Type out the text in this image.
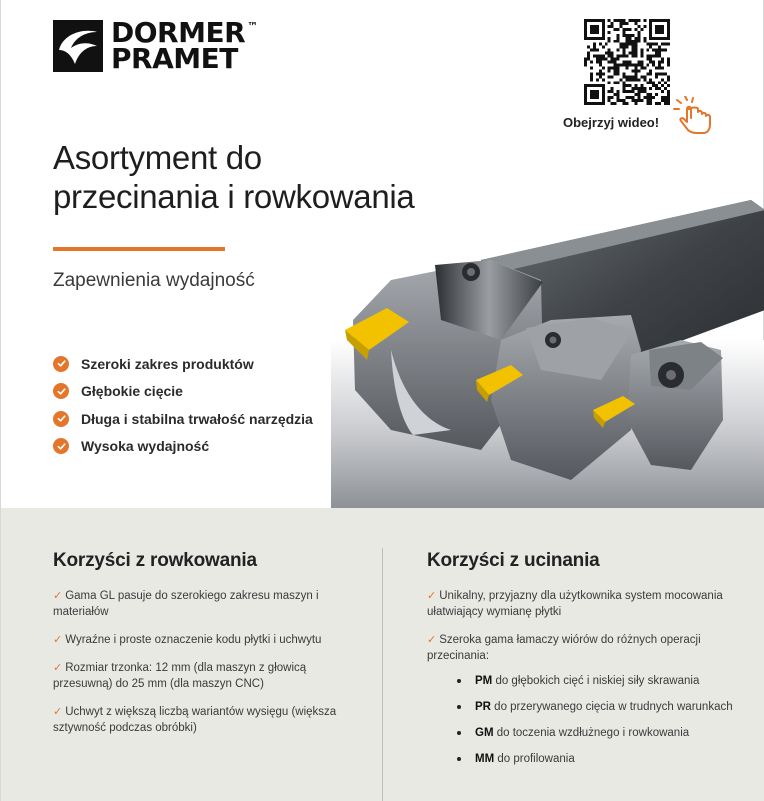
DORMER ™
PRAMET
Obejrzyj wideo!
Asortyment do
przecinania i rowkowania
Zapewnienia wydajność
Szeroki zakres produktów
Głębokie cięcie
Długa i stabilna trwałość narzędzia
Wysoka wydajność
Korzyści z rowkowania

✓ Gama GL pasuje do szerokiego zakresu maszyn i materiałów

✓ Wyraźne i proste oznaczenie kodu płytki i uchwytu

✓ Rozmiar trzonka: 12 mm (dla maszyn z głowicą przesuwną) do 25 mm (dla maszyn CNC)

✓ Uchwyt z większą liczbą wariantów wysięgu (większa sztywność podczas obróbki)

Korzyści z ucinania

✓ Unikalny, przyjazny dla użytkownika system mocowania ułatwiający wymianę płytki

✓ Szeroka gama łamaczy wiórów do różnych operacji przecinania:

PM do głębokich cięć i niskiej siły skrawania
PR do przerywanego cięcia w trudnych warunkach
GM do toczenia wzdłużnego i rowkowania
MM do profilowania
